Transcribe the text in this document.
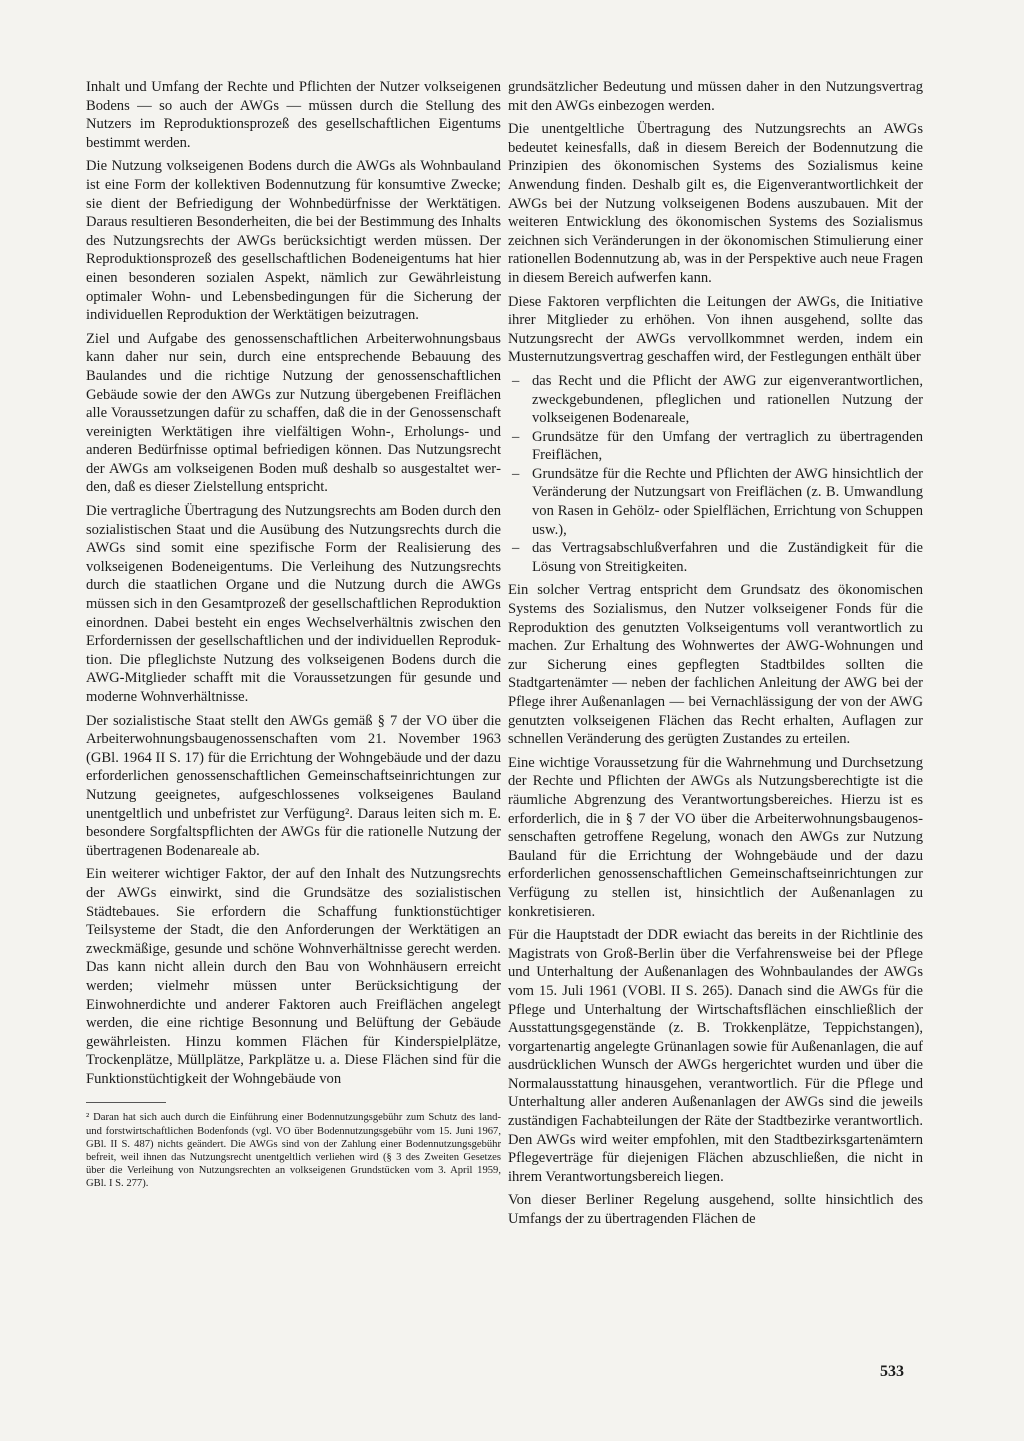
Inhalt und Umfang der Rechte und Pflichten der Nutzer volkseigenen Bodens — so auch der AWGs — müssen durch die Stellung des Nutzers im Reproduktionsprozeß des gesellschaftlichen Eigentums bestimmt werden.

Die Nutzung volkseigenen Bodens durch die AWGs als Wohnbauland ist eine Form der kollektiven Bodennutzung für konsumtive Zwecke; sie dient der Befriedigung der Wohnbedürfnisse der Werktätigen. Daraus resultieren Besonderheiten, die bei der Bestimmung des Inhalts des Nutzungsrechts der AWGs berücksichtigt werden müssen. Der Reproduktionsprozeß des gesellschaftlichen Bodeneigentums hat hier einen besonderen sozialen Aspekt, nämlich zur Gewährleistung optimaler Wohn- und Lebensbedingungen für die Sicherung der individuellen Reproduktion der Werktätigen beizutragen.

Ziel und Aufgabe des genossenschaftlichen Arbeiterwohnungsbaus kann daher nur sein, durch eine entsprechende Bebauung des Baulandes und die richtige Nutzung der genossenschaftlichen Gebäude sowie der den AWGs zur Nutzung übergebenen Freiflächen alle Voraussetzungen dafür zu schaffen, daß die in der Genossenschaft vereinigten Werktätigen ihre vielfältigen Wohn-, Erholungs- und anderen Bedürfnisse optimal befriedigen können. Das Nutzungsrecht der AWGs am volkseigenen Boden muß deshalb so ausgestaltet werden, daß es dieser Zielstellung entspricht.

Die vertragliche Übertragung des Nutzungsrechts am Boden durch den sozialistischen Staat und die Ausübung des Nutzungsrechts durch die AWGs sind somit eine spezifische Form der Realisierung des volkseigenen Bodeneigentums. Die Verleihung des Nutzungsrechts durch die staatlichen Organe und die Nutzung durch die AWGs müssen sich in den Gesamtprozeß der gesellschaftlichen Reproduktion einordnen. Dabei besteht ein enges Wechselverhältnis zwischen den Erfordernissen der gesellschaftlichen und der individuellen Reproduktion. Die pfleglichste Nutzung des volkseigenen Bodens durch die AWG-Mitglieder schafft mit die Voraussetzungen für gesunde und moderne Wohnverhältnisse.

Der sozialistische Staat stellt den AWGs gemäß § 7 der VO über die Arbeiterwohnungsbaugenossenschaften vom 21. November 1963 (GBl. 1964 II S. 17) für die Errichtung der Wohngebäude und der dazu erforderlichen genossenschaftlichen Gemeinschaftseinrichtungen zur Nutzung geeignetes, aufgeschlossenes volkseigenes Bauland unentgeltlich und unbefristet zur Verfügung². Daraus leiten sich m. E. besondere Sorgfaltspflichten der AWGs für die rationelle Nutzung der übertragenen Bodenareale ab.

Ein weiterer wichtiger Faktor, der auf den Inhalt des Nutzungsrechts der AWGs einwirkt, sind die Grundsätze des sozialistischen Städtebaues. Sie erfordern die Schaffung funktionstüchtiger Teilsysteme der Stadt, die den Anforderungen der Werktätigen an zweckmäßige, gesunde und schöne Wohnverhältnisse gerecht werden. Das kann nicht allein durch den Bau von Wohnhäusern erreicht werden; vielmehr müssen unter Berücksichtigung der Einwohnerdichte und anderer Faktoren auch Freiflächen angelegt werden, die eine richtige Besonnung und Belüftung der Gebäude gewährleisten. Hinzu kommen Flächen für Kinderspielplätze, Trockenplätze, Müllplätze, Parkplätze u. a. Diese Flächen sind für die Funktionstüchtigkeit der Wohngebäude von

² Daran hat sich auch durch die Einführung einer Bodennutzungsgebühr zum Schutz des land- und forstwirtschaftlichen Bodenfonds (vgl. VO über Bodennutzungsgebühr vom 15. Juni 1967, GBl. II S. 487) nichts geändert. Die AWGs sind von der Zahlung einer Bodennutzungsgebühr befreit, weil ihnen das Nutzungsrecht unentgeltlich verliehen wird (§ 3 des Zweiten Gesetzes über die Verleihung von Nutzungsrechten an volkseigenen Grundstücken vom 3. April 1959, GBl. I S. 277).

grundsätzlicher Bedeutung und müssen daher in den Nutzungsvertrag mit den AWGs einbezogen werden.

Die unentgeltliche Übertragung des Nutzungsrechts an AWGs bedeutet keinesfalls, daß in diesem Bereich der Bodennutzung die Prinzipien des ökonomischen Systems des Sozialismus keine Anwendung finden. Deshalb gilt es, die Eigenverantwortlichkeit der AWGs bei der Nutzung volkseigenen Bodens auszubauen. Mit der weiteren Entwicklung des ökonomischen Systems des Sozialismus zeichnen sich Veränderungen in der ökonomischen Stimulierung einer rationellen Bodennutzung ab, was in der Perspektive auch neue Fragen in diesem Bereich aufwerfen kann.

Diese Faktoren verpflichten die Leitungen der AWGs, die Initiative ihrer Mitglieder zu erhöhen. Von ihnen ausgehend, sollte das Nutzungsrecht der AWGs vervollkommnet werden, indem ein Musternutzungsvertrag geschaffen wird, der Festlegungen enthält über

– das Recht und die Pflicht der AWG zur eigenverantwortlichen, zweckgebundenen, pfleglichen und rationellen Nutzung der volkseigenen Bodenareale,
– Grundsätze für den Umfang der vertraglich zu übertragenden Freiflächen,
– Grundsätze für die Rechte und Pflichten der AWG hinsichtlich der Veränderung der Nutzungsart von Freiflächen (z. B. Umwandlung von Rasen in Gehölz- oder Spielflächen, Errichtung von Schuppen usw.),
– das Vertragsabschlußverfahren und die Zuständigkeit für die Lösung von Streitigkeiten.

Ein solcher Vertrag entspricht dem Grundsatz des ökonomischen Systems des Sozialismus, den Nutzer volkseigener Fonds für die Reproduktion des genutzten Volkseigentums voll verantwortlich zu machen. Zur Erhaltung des Wohnwertes der AWG-Wohnungen und zur Sicherung eines gepflegten Stadtbildes sollten die Stadtgartenämter — neben der fachlichen Anleitung der AWG bei der Pflege ihrer Außenanlagen — bei Vernachlässigung der von der AWG genutzten volkseigenen Flächen das Recht erhalten, Auflagen zur schnellen Veränderung des gerügten Zustandes zu erteilen.

Eine wichtige Voraussetzung für die Wahrnehmung und Durchsetzung der Rechte und Pflichten der AWGs als Nutzungsberechtigte ist die räumliche Abgrenzung des Verantwortungsbereiches. Hierzu ist es erforderlich, die in § 7 der VO über die Arbeiterwohnungsbaugenossenschaften getroffene Regelung, wonach den AWGs zur Nutzung Bauland für die Errichtung der Wohngebäude und der dazu erforderlichen genossenschaftlichen Gemeinschaftseinrichtungen zur Verfügung zu stellen ist, hinsichtlich der Außenanlagen zu konkretisieren.

Für die Hauptstadt der DDR ewiacht das bereits in der Richtlinie des Magistrats von Groß-Berlin über die Verfahrensweise bei der Pflege und Unterhaltung der Außenanlagen des Wohnbaulandes der AWGs vom 15. Juli 1961 (VOBl. II S. 265). Danach sind die AWGs für die Pflege und Unterhaltung der Wirtschaftsflächen einschließlich der Ausstattungsgegenstände (z. B. Trokkenplätze, Teppichstangen), vorgartenartig angelegte Grünanlagen sowie für Außenanlagen, die auf ausdrücklichen Wunsch der AWGs hergerichtet wurden und über die Normalausstattung hinausgehen, verantwortlich. Für die Pflege und Unterhaltung aller anderen Außenanlagen der AWGs sind die jeweils zuständigen Fachabteilungen der Räte der Stadtbezirke verantwortlich. Den AWGs wird weiter empfohlen, mit den Stadtbezirksgartenämtern Pflegeverträge für diejenigen Flächen abzuschließen, die nicht in ihrem Verantwortungsbereich liegen.

Von dieser Berliner Regelung ausgehend, sollte hinsichtlich des Umfangs der zu übertragenden Flächen de

533
